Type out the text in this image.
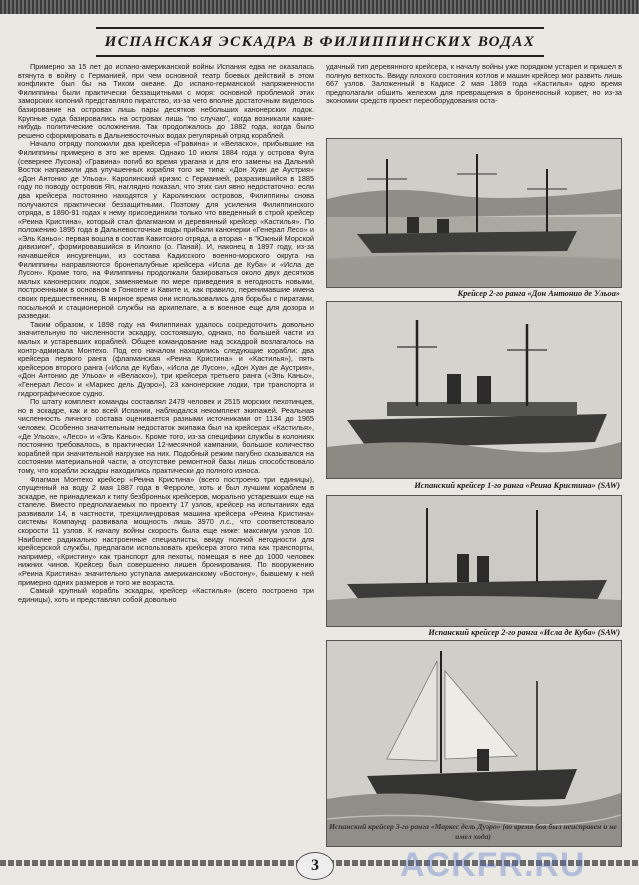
ИСПАНСКАЯ ЭСКАДРА В ФИЛИППИНСКИХ ВОДАХ

Примерно за 15 лет до испано-американской войны Испания едва не оказалась втянута в войну с Германией, при чем основной театр боевых действий в этом конфликте был бы на Тихом океане. До испано-германской напряженности Филиппины были практически беззащитными с моря: основной проблемой этих заморских колоний представляло пиратство, из-за чего вполне достаточным виделось базирование на островах лишь пары десятков небольших канонерских лодок. Крупные суда базировались на островах лишь "по случаю", когда возникали какие-нибудь политические осложнения. Так продолжалось до 1882 года, когда было решено сформировать в Дальневосточных водах регулярный отряд кораблей.

Начало отряду положили два крейсера «Гравина» и «Веласко», прибывшие на Филиппины примерно в это же время. Однако 10 июля 1884 года у острова Фуга (севернее Лусона) «Гравина» погиб во время урагана и для его замены на Дальний Восток направили два улучшенных корабля того же типа: «Дон Хуан де Аустрия» «Дон Антонио де Ульоа». Каролинский кризис с Германией, разразившийся в 1885 году по поводу островов Яп, наглядно показал, что этих сил явно недостаточно: если два крейсера постоянно находятся у Каролинских островов, Филиппины снова получаются практически беззащитными. Поэтому для усиления Филиппинского отряда, в 1890-91 годах к нему присоединили только что введенный в строй крейсер «Реина Кристина», который стал флагманом и деревянный крейсер «Кастилья». По положению 1895 года в Дальневосточные воды прибыли канонерки «Генерал Лесо» и «Эль Каньо»: первая вошла в состав Кавитского отряда, а вторая - в "Южный Морской дивизион", формировавшийся в Илоило (о. Панай). И, наконец в 1897 году, из-за начавшейся инсургенции, из состава Кадисского военно-морского округа на Филиппины направляются бронепалубные крейсера «Исла де Куба» и «Исла де Лусон». Кроме того, на Филиппины продолжали базироваться около двух десятков малых канонерских лодок, заменяемые по мере приведения в негодность новыми, построенными в основном в Гонконге и Кавите и, как правило, перенимавшие имена своих предшественниц. В мирное время они использовались для борьбы с пиратами, посыльной и стационерной службы на архипелаге, а в военное еще для дозора и разведки.

Таким образом, к 1898 году на Филиппинах удалось сосредоточить довольно значительную по численности эскадру, состоявшую, однако, по большей части из малых и устаревших кораблей. Общее командование над эскадрой возлагалось на контр-адмирала Монтехо. Под его началом находились следующие корабли: два крейсера первого ранга (флагманская «Реина Кристина» и «Кастилья»), пять крейсеров второго ранга («Исла де Куба», «Исла де Лусон», «Дон Хуан де Аустрия», «Дон Антонио де Ульоа» и «Веласко»), три крейсера третьего ранга («Эль Каньо», «Генерал Лесо» и «Маркес дель Дуэро»), 23 канонерские лодки, три транспорта и гидрографическое судно.

По штату комплект команды составлял 2479 человек и 2515 морских пехотинцев, но в эскадре, как и во всей Испании, наблюдался некомплект экипажей. Реальная численность личного состава оценивается разными источниками от 1134 до 1965 человек. Особенно значительным недостаток экипажа был на крейсерах «Кастилья», «Де Ульоа», «Лесо» и «Эль Каньо». Кроме того, из-за специфики службы в колониях постоянно требовалось, в практически 12-месячной кампании, большое количество кораблей при значительной нагрузке на них. Подобный режим пагубно сказывался на состоянии материальной части, а отсутствие ремонтной базы лишь способствовало тому, что корабли эскадры находились практически до полного износа.

Флагман Монтехо крейсер «Реина Кристина» (всего построено три единицы), спущенный на воду 2 мая 1887 года в Ферроле, хоть и был лучшим кораблем в эскадре, не принадлежал к типу безбронных крейсеров, морально устаревших еще на стапеле. Вместо предполагаемых по проекту 17 узлов, крейсер на испытаниях еда развивали 14, в частности, трехцилиндровая машина крейсера «Реина Кристина» системы Компаунд развивала мощность лишь 3970 л.с., что соответствовало скорости 11 узлов. К началу войны скорость была еще ниже: максимум узлов 10. Наиболее радикально настроенные специалисты, ввиду полной негодности для крейсерской службы, предлагали использовать крейсера этого типа как транспорты, например, «Кристину» как транспорт для пехоты, помещая в нее до 1000 человек нижних чинов. Крейсер был совершенно лишен бронирования. По вооружению «Реина Кристина» значительно уступала американскому «Бостону», бывшему к ней примерно одних размеров и того же возраста.

Самый крупный корабль эскадры, крейсер «Кастилья» (всего построено три единицы), хоть и представлял собой довольно

удачный тип деревянного крейсера, к началу войны уже порядком устарел и пришел в полную ветхость. Ввиду плохого состояния котлов и машин крейсер мог развить лишь 667 узлов. Заложенный в Кадисе 2 мая 1869 года «Кастилья» одно время предполагали обшить железом для превращения в броненосный корвет, но из-за экономии средств проект переоборудования оста-

Крейсер 2-го ранга «Дон Антонио де Ульоа»
Испанский крейсер 1-го ранга «Реина Кристина» (SAW)
Испанский крейсер 2-го ранга «Исла де Куба» (SAW)
Испанский крейсер 3-го ранга «Маркес дель Дуэро» (во время боя был неисправен и не имел хода)
3	ACKFR.RU
